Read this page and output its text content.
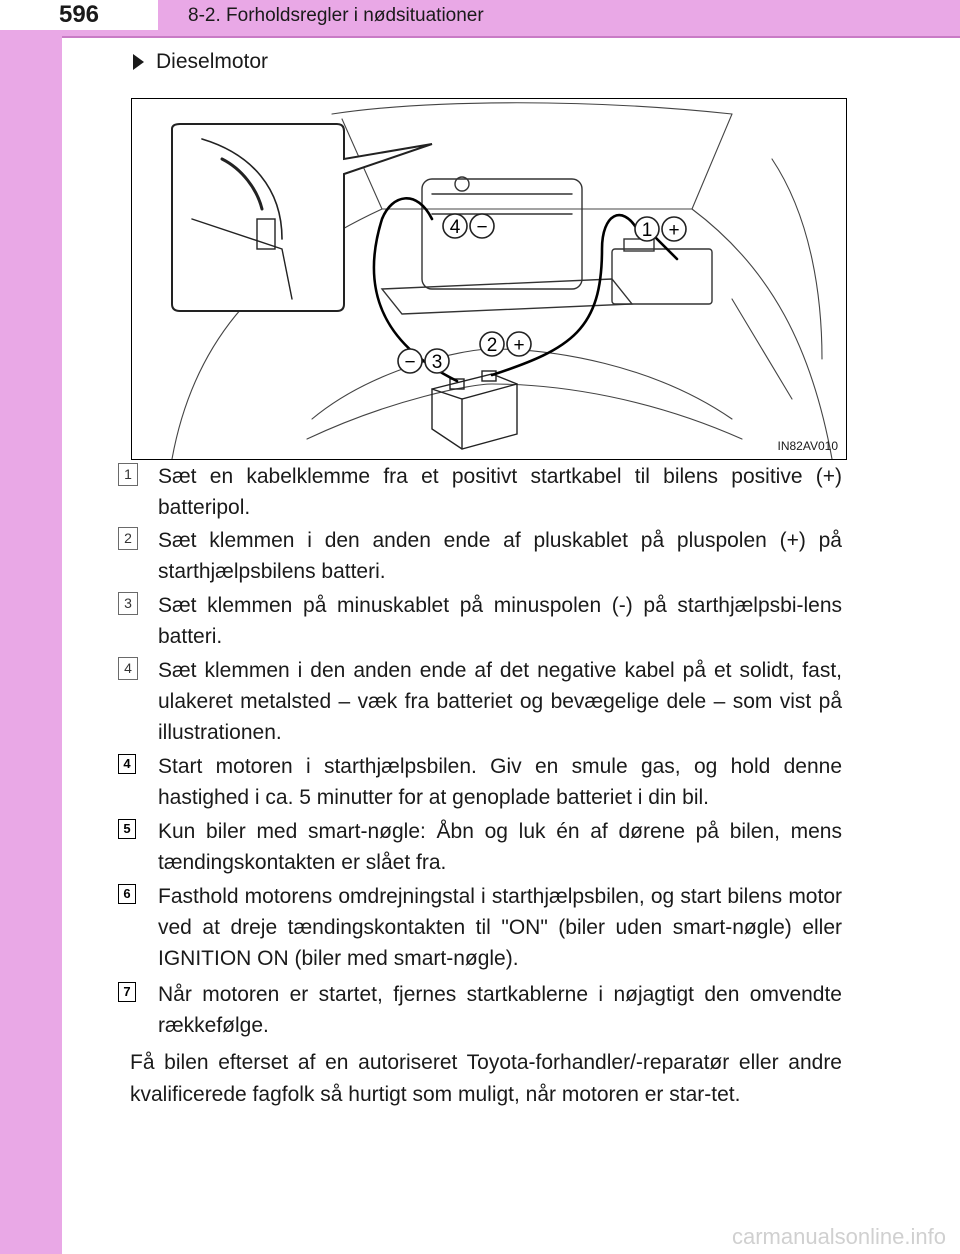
596	8-2. Forholdsregler i nødsituationer
Dieselmotor
4 −	1 +
2 +
− 3
IN82AV010
1 Sæt en kabelklemme fra et positivt startkabel til bilens positive (+) batteripol.
2 Sæt klemmen i den anden ende af pluskablet på pluspolen (+) på starthjælpsbilens batteri.
3 Sæt klemmen på minuskablet på minuspolen (-) på starthjælpsbi-lens batteri.
4 Sæt klemmen i den anden ende af det negative kabel på et solidt, fast, ulakeret metalsted – væk fra batteriet og bevægelige dele – som vist på illustrationen.
4 Start motoren i starthjælpsbilen. Giv en smule gas, og hold denne hastighed i ca. 5 minutter for at genoplade batteriet i din bil.
5 Kun biler med smart-nøgle: Åbn og luk én af dørene på bilen, mens tændingskontakten er slået fra.
6 Fasthold motorens omdrejningstal i starthjælpsbilen, og start bilens motor ved at dreje tændingskontakten til "ON" (biler uden smart-nøgle) eller IGNITION ON (biler med smart-nøgle).
7 Når motoren er startet, fjernes startkablerne i nøjagtigt den omvendte rækkefølge.
Få bilen efterset af en autoriseret Toyota-forhandler/-reparatør eller andre kvalificerede fagfolk så hurtigt som muligt, når motoren er star-tet.
carmanualsonline.info
